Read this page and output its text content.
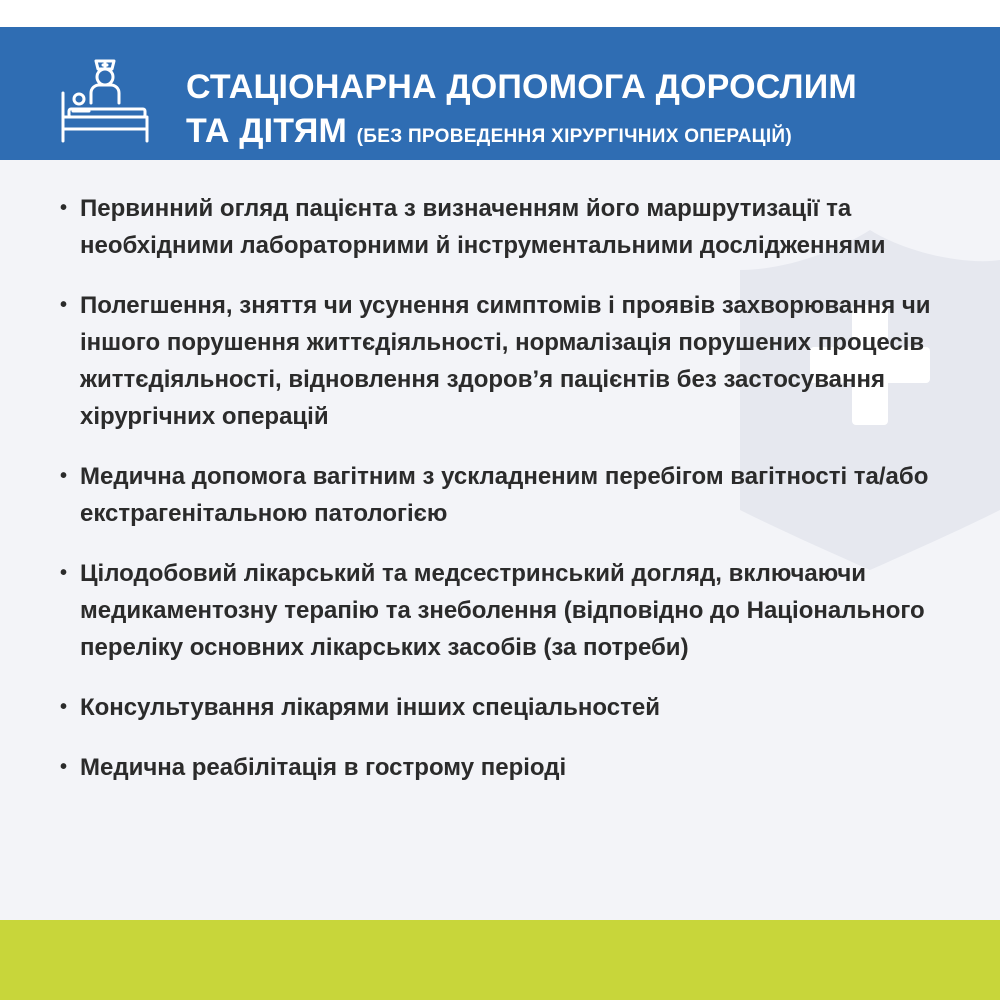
СТАЦІОНАРНА ДОПОМОГА ДОРОСЛИМ
ТА ДІТЯМ (БЕЗ ПРОВЕДЕННЯ ХІРУРГІЧНИХ ОПЕРАЦІЙ)
• Первинний огляд пацієнта з визначенням його маршрутизації та необхідними лабораторними й інструментальними дослідженнями
• Полегшення, зняття чи усунення симптомів і проявів захворювання чи іншого порушення життєдіяльності, нормалізація порушених процесів життєдіяльності, відновлення здоров’я пацієнтів без застосування хірургічних операцій
• Медична допомога вагітним з ускладненим перебігом вагітності та/або екстрагенітальною патологією
• Цілодобовий лікарський та медсестринський догляд, включаючи медикаментозну терапію та знеболення (відповідно до Національного переліку основних лікарських засобів (за потреби)
• Консультування лікарями інших спеціальностей
• Медична реабілітація в гострому періоді
